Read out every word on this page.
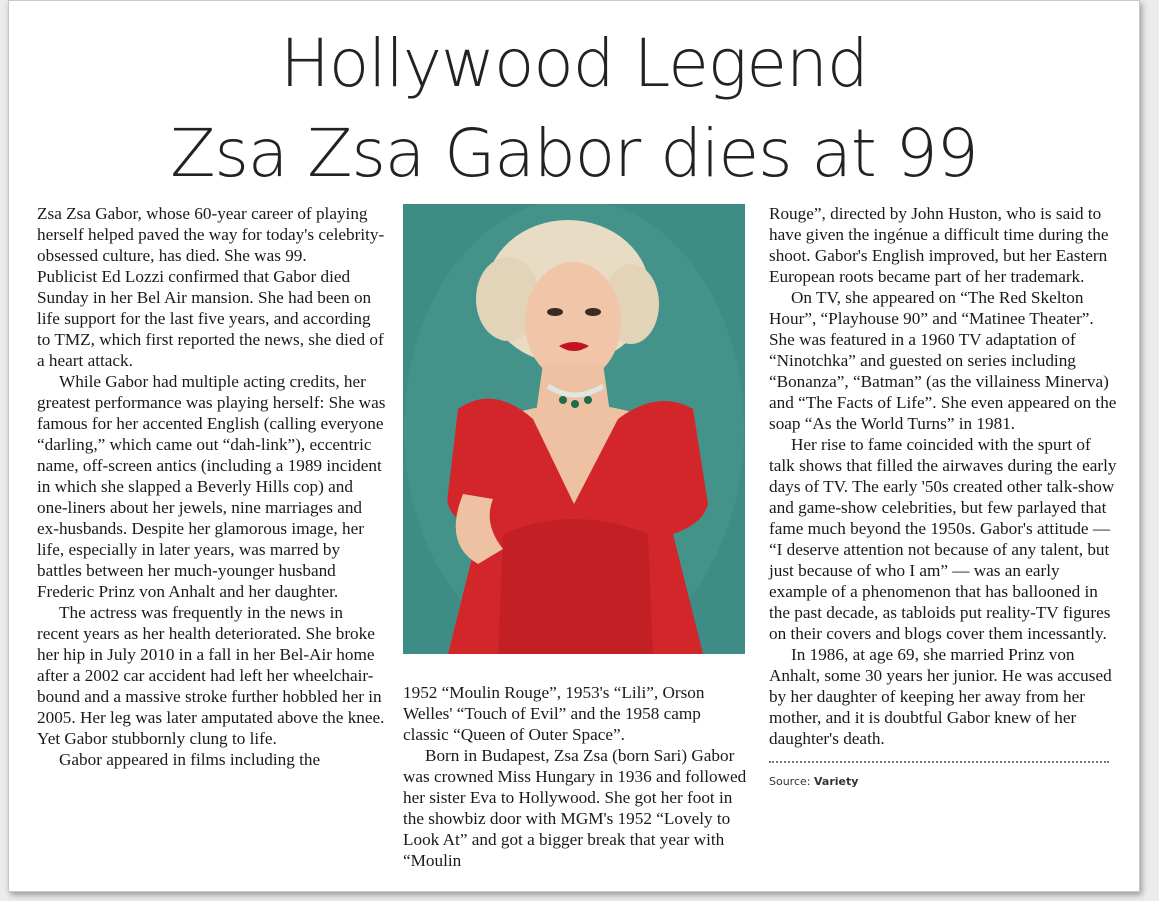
Hollywood Legend
Zsa Zsa Gabor dies at 99

Zsa Zsa Gabor, whose 60-year career of playing herself helped paved the way for today's celebrity-obsessed culture, has died. She was 99.

Publicist Ed Lozzi confirmed that Gabor died Sunday in her Bel Air mansion. She had been on life support for the last five years, and according to TMZ, which first reported the news, she died of a heart attack.

While Gabor had multiple acting credits, her greatest performance was playing herself: She was famous for her accented English (calling everyone “darling,” which came out “dah-link”), eccentric name, off-screen antics (including a 1989 incident in which she slapped a Beverly Hills cop) and one-liners about her jewels, nine marriages and ex-husbands. Despite her glamorous image, her life, especially in later years, was marred by battles between her much-younger husband Frederic Prinz von Anhalt and her daughter.

The actress was frequently in the news in recent years as her health deteriorated. She broke her hip in July 2010 in a fall in her Bel-Air home after a 2002 car accident had left her wheelchair-bound and a massive stroke further hobbled her in 2005. Her leg was later amputated above the knee. Yet Gabor stubbornly clung to life.

Gabor appeared in films including the

1952 “Moulin Rouge”, 1953's “Lili”, Orson Welles' “Touch of Evil” and the 1958 camp classic “Queen of Outer Space”.

Born in Budapest, Zsa Zsa (born Sari) Gabor was crowned Miss Hungary in 1936 and followed her sister Eva to Hollywood. She got her foot in the showbiz door with MGM's 1952 “Lovely to Look At” and got a bigger break that year with “Moulin

Rouge”, directed by John Huston, who is said to have given the ingénue a difficult time during the shoot. Gabor's English improved, but her Eastern European roots became part of her trademark.

On TV, she appeared on “The Red Skelton Hour”, “Playhouse 90” and “Matinee Theater”. She was featured in a 1960 TV adaptation of “Ninotchka” and guested on series including “Bonanza”, “Batman” (as the villainess Minerva) and “The Facts of Life”. She even appeared on the soap “As the World Turns” in 1981.

Her rise to fame coincided with the spurt of talk shows that filled the airwaves during the early days of TV. The early '50s created other talk-show and game-show celebrities, but few parlayed that fame much beyond the 1950s. Gabor's attitude — “I deserve attention not because of any talent, but just because of who I am” — was an early example of a phenomenon that has ballooned in the past decade, as tabloids put reality-TV figures on their covers and blogs cover them incessantly.

In 1986, at age 69, she married Prinz von Anhalt, some 30 years her junior. He was accused by her daughter of keeping her away from her mother, and it is doubtful Gabor knew of her daughter's death.

Source: Variety
